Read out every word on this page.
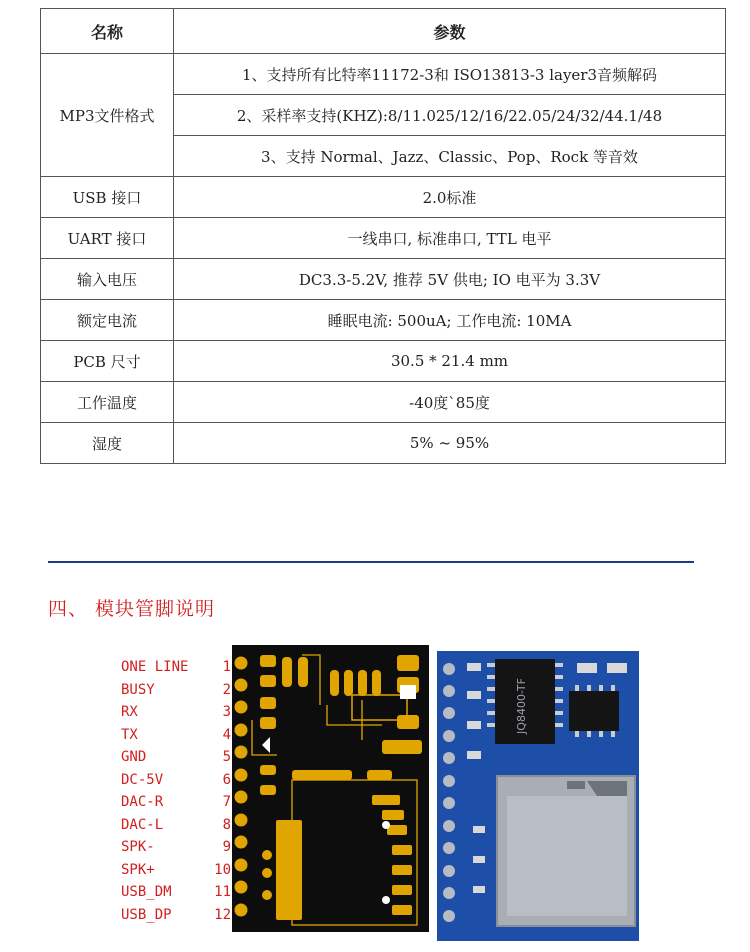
名称	参数
MP3文件格式	1、支持所有比特率11172-3和 ISO13813-3 layer3音频解码
	2、采样率支持(KHZ):8/11.025/12/16/22.05/24/32/44.1/48
	3、支持 Normal、Jazz、Classic、Pop、Rock 等音效
USB 接口	2.0标准
UART 接口	一线串口, 标准串口, TTL 电平
输入电压	DC3.3-5.2V, 推荐 5V 供电; IO 电平为 3.3V
额定电流	睡眠电流: 500uA; 工作电流: 10MA
PCB 尺寸	30.5 * 21.4 mm
工作温度	-40度`85度
湿度	5% ~ 95%
四、 模块管脚说明
ONE LINE 1
BUSY	2
RX	3
TX	4
GND	5
DC-5V	6
DAC-R	7
DAC-L	8
SPK-	9
SPK+	10
USB_DM	11
USB_DP	12
JQ8400-TF
